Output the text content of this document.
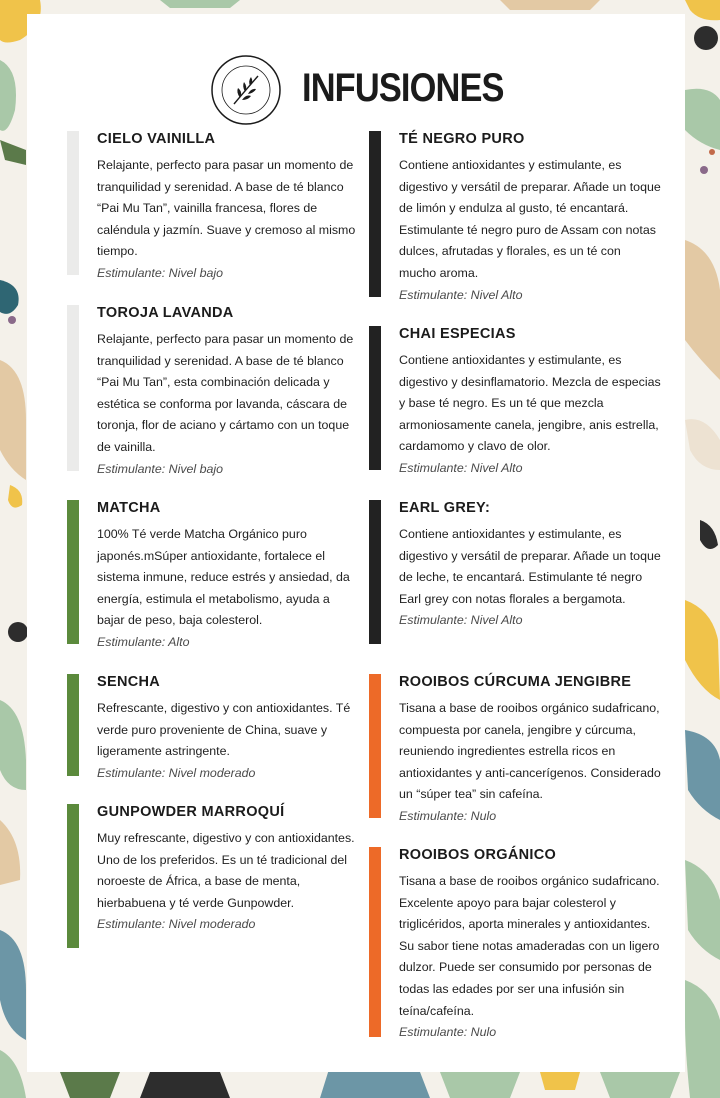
INFUSIONES

CIELO VAINILLA

Relajante, perfecto para pasar un momento de tranquilidad y serenidad. A base de té blanco “Pai Mu Tan”, vainilla francesa, flores de caléndula y jazmín. Suave y cremoso al mismo tiempo.

Estimulante: Nivel bajo

TOROJA LAVANDA

Relajante, perfecto para pasar un momento de tranquilidad y serenidad. A base de té blanco “Pai Mu Tan”, esta combinación delicada y estética se conforma por lavanda, cáscara de toronja, flor de aciano y cártamo con un toque de vainilla.

Estimulante: Nivel bajo

MATCHA

100% Té verde Matcha Orgánico puro japonés.mSúper antioxidante, fortalece el sistema inmune, reduce estrés y ansiedad, da energía, estimula el metabolismo, ayuda a bajar de peso, baja colesterol.

Estimulante: Alto

SENCHA

Refrescante, digestivo y con antioxidantes. Té verde puro proveniente de China, suave y ligeramente astringente.

Estimulante: Nivel moderado

GUNPOWDER MARROQUÍ

Muy refrescante, digestivo y con antioxidantes. Uno de los preferidos. Es un té tradicional del noroeste de África, a base de menta, hierbabuena y té verde Gunpowder.

Estimulante: Nivel moderado

TÉ NEGRO PURO

Contiene antioxidantes y estimulante, es digestivo y versátil de preparar. Añade un toque de limón y endulza al gusto, té encantará. Estimulante té negro puro de Assam con notas dulces, afrutadas y florales, es un té con mucho aroma.

Estimulante: Nivel Alto

CHAI ESPECIAS

Contiene antioxidantes y estimulante, es digestivo y desinflamatorio. Mezcla de especias y base té negro. Es un té que mezcla armoniosamente canela, jengibre, anis estrella, cardamomo y clavo de olor.

Estimulante: Nivel Alto

EARL GREY:

Contiene antioxidantes y estimulante, es digestivo y versátil de preparar. Añade un toque de leche, te encantará. Estimulante té negro Earl grey con notas florales a bergamota.

Estimulante: Nivel Alto

ROOIBOS CÚRCUMA JENGIBRE

Tisana a base de rooibos orgánico sudafricano, compuesta por canela, jengibre y cúrcuma, reuniendo ingredientes estrella ricos en antioxidantes y anti-cancerígenos. Considerado un “súper tea” sin cafeína.

Estimulante: Nulo

ROOIBOS ORGÁNICO

Tisana a base de rooibos orgánico sudafricano. Excelente apoyo para bajar colesterol y triglicéridos, aporta minerales y antioxidantes. Su sabor tiene notas amaderadas con un ligero dulzor. Puede ser consumido por personas de todas las edades por ser una infusión sin teína/cafeína.

Estimulante: Nulo
